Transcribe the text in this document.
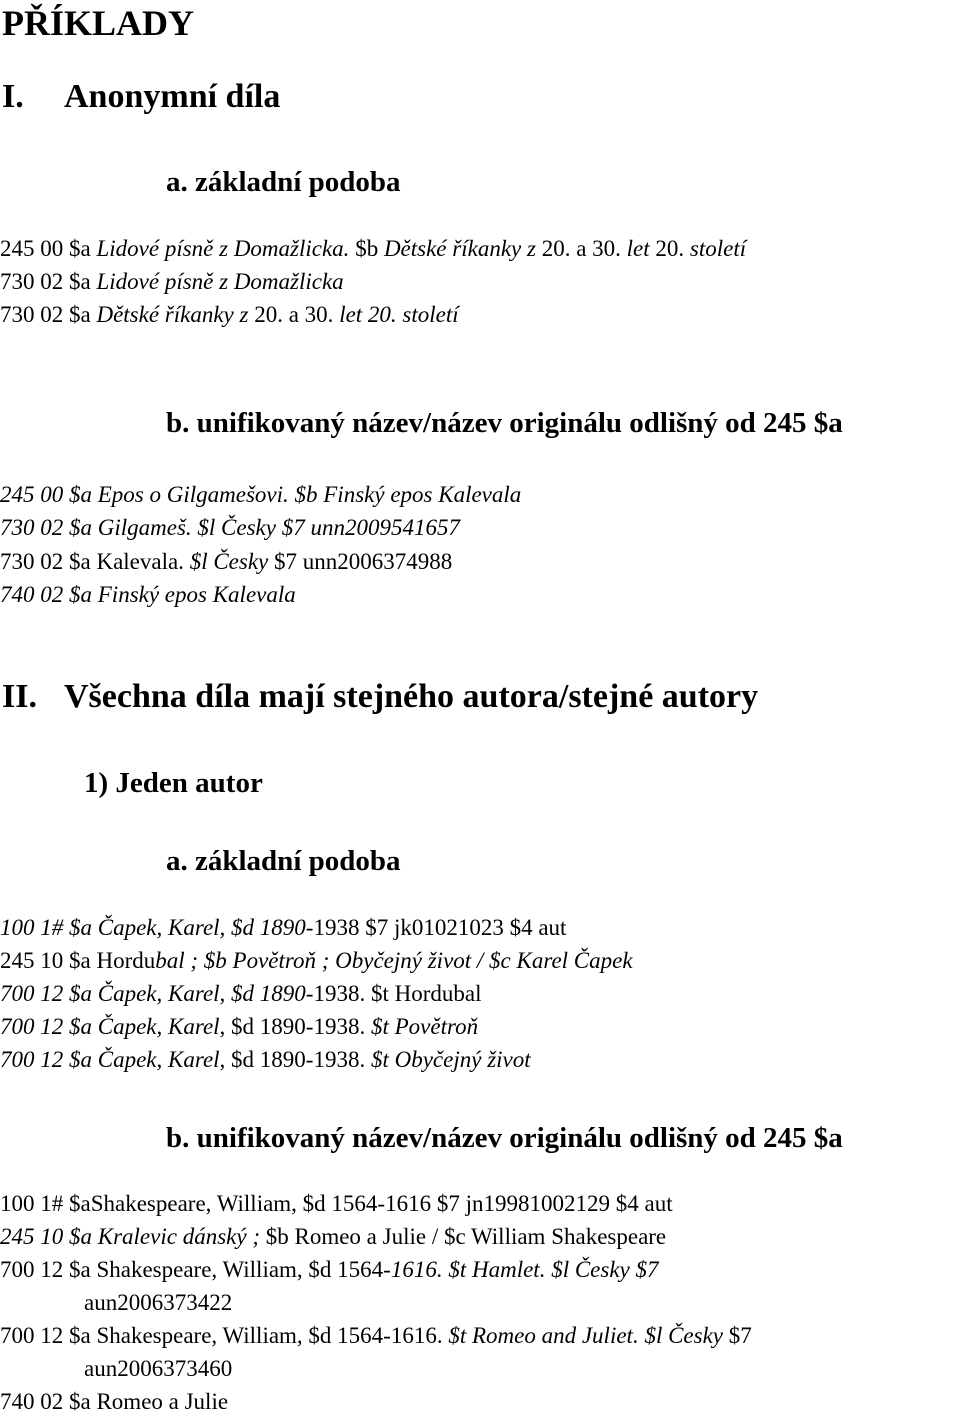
PŘÍKLADY
I. Anonymní díla
a. základní podoba
245 00 $a Lidové písně z Domažlicka. $b Dětské říkanky z 20. a 30. let 20. století
730 02 $a Lidové písně z Domažlicka
730 02 $a Dětské říkanky z 20. a 30. let 20. století
b. unifikovaný název/název originálu odlišný od 245 $a
245 00 $a Epos o Gilgamešovi. $b Finský epos Kalevala
730 02 $a Gilgameš. $l Česky $7 unn2009541657
730 02 $a Kalevala. $l Česky $7 unn2006374988
740 02 $a Finský epos Kalevala
II. Všechna díla mají stejného autora/stejné autory
1) Jeden autor
a. základní podoba
100 1# $a Čapek, Karel, $d 1890-1938 $7 jk01021023 $4 aut
245 10 $a Hordubal ; $b Povětroň ; Obyčejný život / $c Karel Čapek
700 12 $a Čapek, Karel, $d 1890-1938. $t Hordubal
700 12 $a Čapek, Karel, $d 1890-1938. $t Povětroň
700 12 $a Čapek, Karel, $d 1890-1938. $t Obyčejný život
b. unifikovaný název/název originálu odlišný od 245 $a
100 1# $aShakespeare, William, $d 1564-1616 $7 jn19981002129 $4 aut
245 10 $a Kralevic dánský ; $b Romeo a Julie / $c William Shakespeare
700 12 $a Shakespeare, William, $d 1564-1616. $t Hamlet. $l Česky $7
aun2006373422
700 12 $a Shakespeare, William, $d 1564-1616. $t Romeo and Juliet. $l Česky $7
aun2006373460
740 02 $a Romeo a Julie
